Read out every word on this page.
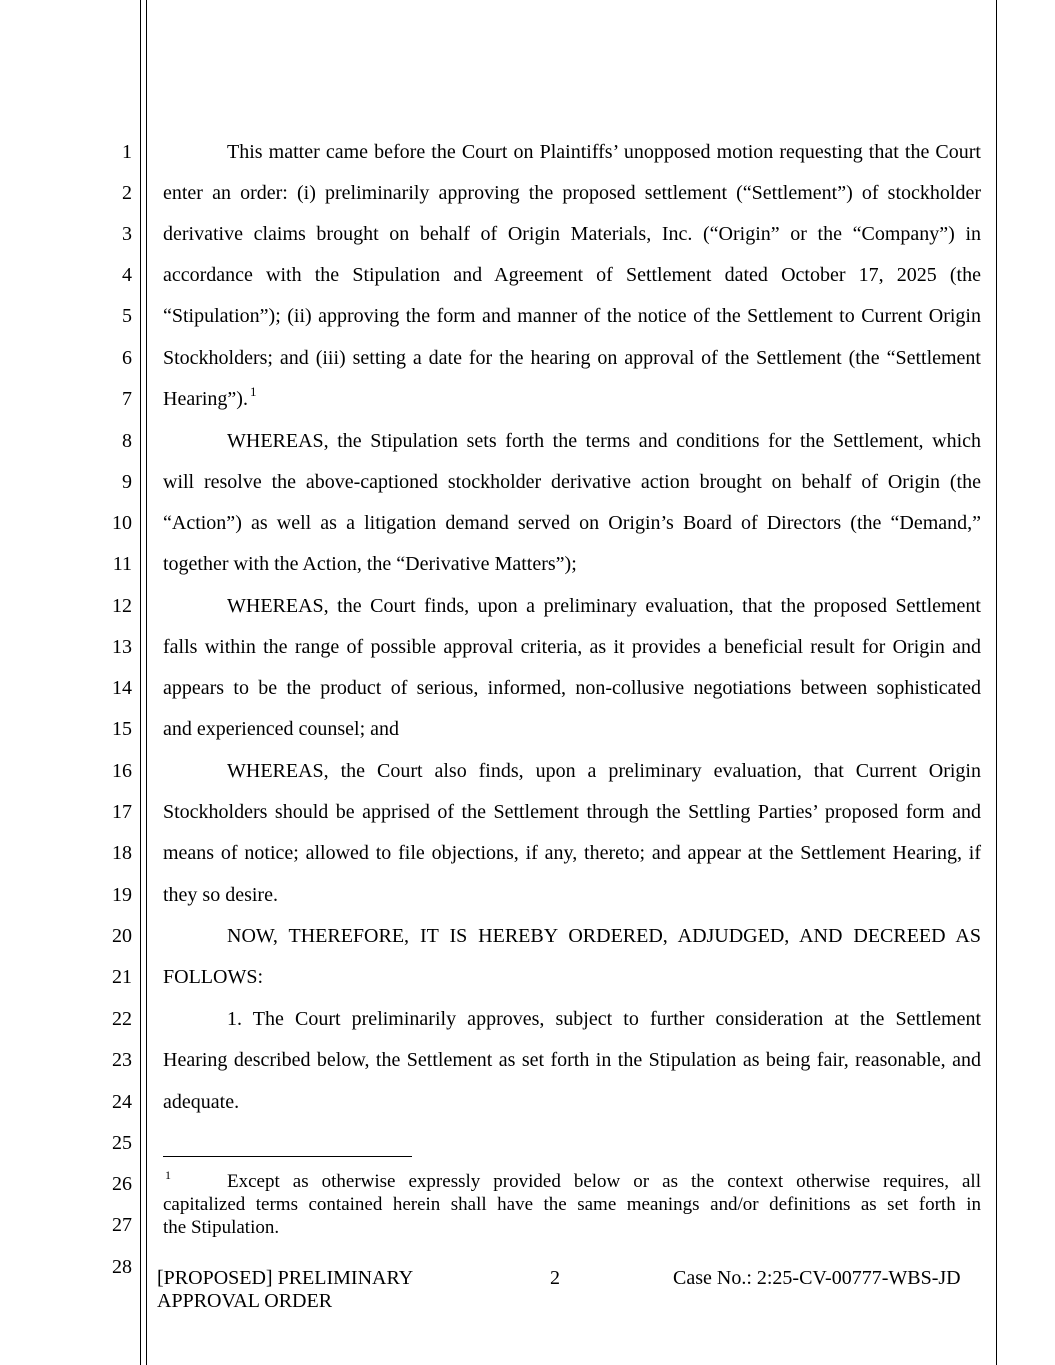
1
2
3
4
5
6
7
8
9
10
11
12
13
14
15
16
17
18
19
20
21
22
23
24
25
26
27
28
This matter came before the Court on Plaintiffs’ unopposed motion requesting that the Court
enter an order: (i) preliminarily approving the proposed settlement (“Settlement”) of stockholder
derivative claims brought on behalf of Origin Materials, Inc. (“Origin” or the “Company”) in
accordance with the Stipulation and Agreement of Settlement dated October 17, 2025 (the
“Stipulation”); (ii) approving the form and manner of the notice of the Settlement to Current Origin
Stockholders; and (iii) setting a date for the hearing on approval of the Settlement (the “Settlement
Hearing”). $^1$
WHEREAS, the Stipulation sets forth the terms and conditions for the Settlement, which
will resolve the above-captioned stockholder derivative action brought on behalf of Origin (the
“Action”) as well as a litigation demand served on Origin’s Board of Directors (the “Demand,”
together with the Action, the “Derivative Matters”);
WHEREAS, the Court finds, upon a preliminary evaluation, that the proposed Settlement
falls within the range of possible approval criteria, as it provides a beneficial result for Origin and
appears to be the product of serious, informed, non-collusive negotiations between sophisticated
and experienced counsel; and
WHEREAS, the Court also finds, upon a preliminary evaluation, that Current Origin
Stockholders should be apprised of the Settlement through the Settling Parties’ proposed form and
means of notice; allowed to file objections, if any, thereto; and appear at the Settlement Hearing, if
they so desire.
NOW, THEREFORE, IT IS HEREBY ORDERED, ADJUDGED, AND DECREED AS
FOLLOWS:
1. The Court preliminarily approves, subject to further consideration at the Settlement
Hearing described below, the Settlement as set forth in the Stipulation as being fair, reasonable, and
adequate.
1	Except as otherwise expressly provided below or as the context otherwise requires, all
capitalized terms contained herein shall have the same meanings and/or definitions as set forth in
the Stipulation.
[PROPOSED] PRELIMINARY
APPROVAL ORDER
2	Case No.: 2:25-CV-00777-WBS-JD
